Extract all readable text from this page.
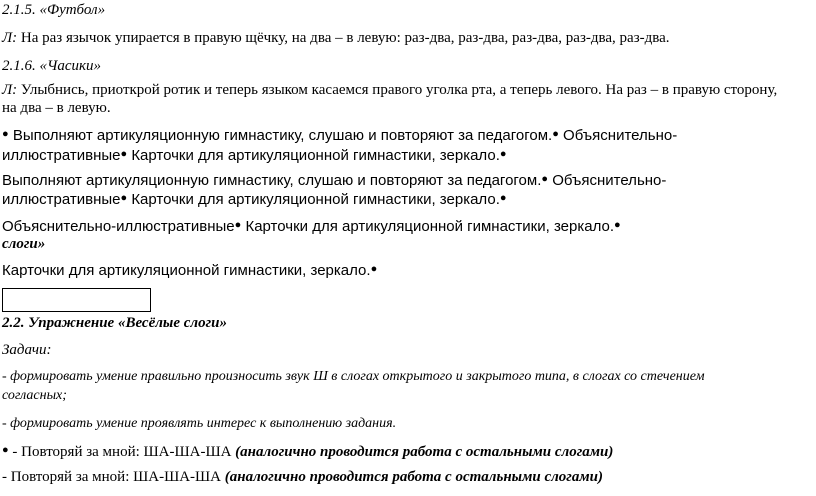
2.1.5. «Футбол»
Л: На раз язычок упирается в правую щёчку, на два – в левую: раз-два, раз-два, раз-два, раз-два, раз-два.
2.1.6. «Часики»
Л: Улыбнись, приоткрой ротик и теперь языком касаемся правого уголка рта, а теперь левого. На раз – в правую сторону,
на два – в левую.
● Выполняют артикуляционную гимнастику, слушаю и повторяют за педагогом.● Объяснительно-
иллюстративные● Карточки для артикуляционной гимнастики, зеркало.●
Выполняют артикуляционную гимнастику, слушаю и повторяют за педагогом.● Объяснительно-
иллюстративные● Карточки для артикуляционной гимнастики, зеркало.●
Объяснительно-иллюстративные● Карточки для артикуляционной гимнастики, зеркало.●
слоги»
Карточки для артикуляционной гимнастики, зеркало.●
2.2. Упражнение «Весёлые слоги»
Задачи:
- формировать умение правильно произносить звук Ш в слогах открытого и закрытого типа, в слогах со стечением
согласных;
- формировать умение проявлять интерес к выполнению задания.
● - Повторяй за мной: ША-ША-ША (аналогично проводится работа с остальными слогами)
- Повторяй за мной: ША-ША-ША (аналогично проводится работа с остальными слогами)
